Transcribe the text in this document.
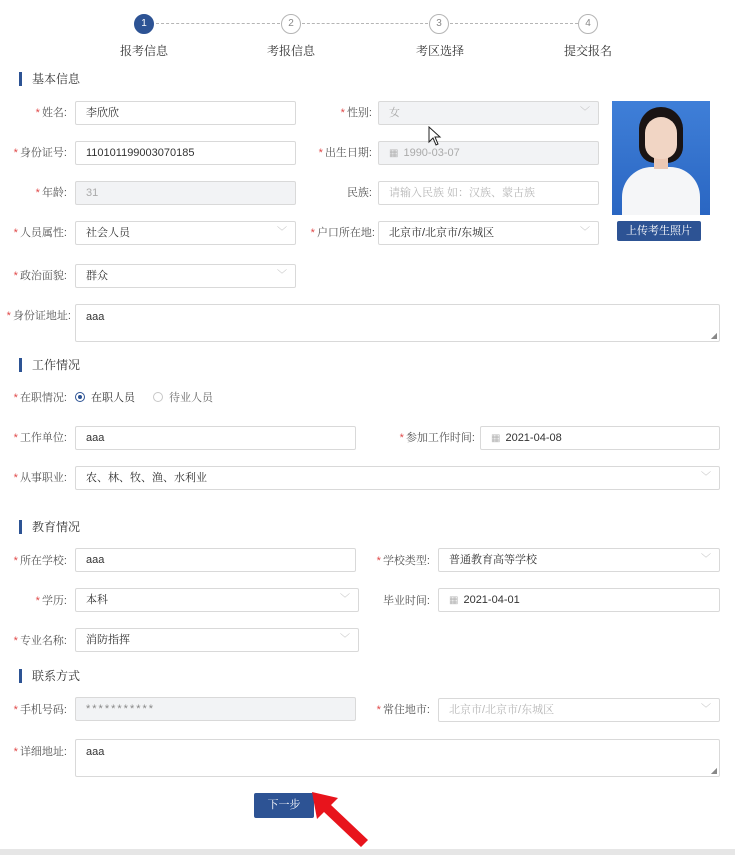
1	2	3	4
报考信息	考报信息	考区选择	提交报名
基本信息
* 姓名:	李欣欣	* 性别:	女	﹀
* 身份证号:	110101199003070185	* 出生日期:	▦ 1990-03-07
* 年龄:	31	民族:	请输入民族 如：汉族、蒙古族
上传考生照片
* 人员属性:	社会人员	﹀ * 户口所在地:	北京市/北京市/东城区	﹀
* 政治面貌:	群众	﹀
* 身份证地址:	aaa
◢
工作情况
* 在职情况:	在职人员	待业人员
* 工作单位:	aaa	* 参加工作时间:	▦ 2021-04-08
* 从事职业:	农、林、牧、渔、水利业	﹀
教育情况
* 所在学校:	aaa	* 学校类型:	普通教育高等学校	﹀
* 学历:	本科	﹀	毕业时间:	▦ 2021-04-01
* 专业名称:	消防指挥	﹀
联系方式
* 手机号码:	***********	* 常住地市:	北京市/北京市/东城区	﹀
* 详细地址:	aaa
◢
下一步
